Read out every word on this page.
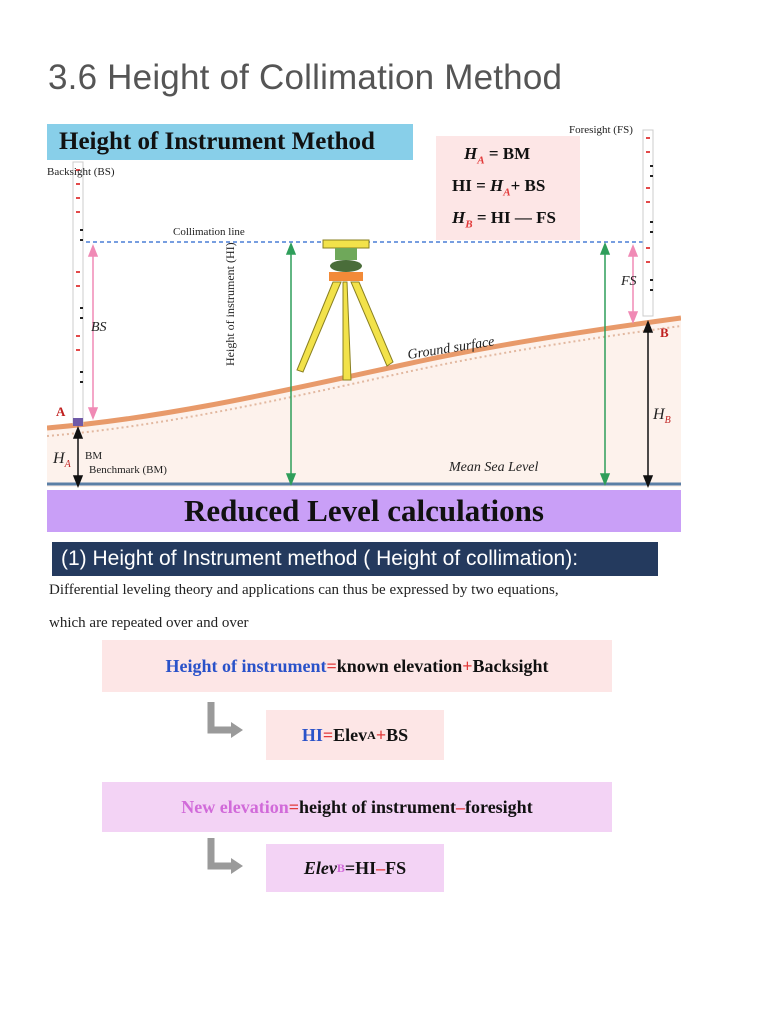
3.6 Height of Collimation Method
Height of Instrument Method	$H_A$ = BM
HI = $H_A+$ BS
$H_B$ = HI — FS
Foresight (FS)
Backsight (BS)
Collimation line
BS
FS
Height of instrument (HI)	Ground surface
A
B
$H_A$
$H_B$
BM
Benchmark (BM)	Mean Sea Level
Reduced Level calculations
(1) Height of Instrument method ( Height of collimation):
Differential leveling theory and applications can thus be expressed by two equations,
which are repeated over and over
Height of instrument = known elevation + Backsight
HI = Elev A + BS
New elevation = height of instrument – foresight
Elev B = HI – FS
